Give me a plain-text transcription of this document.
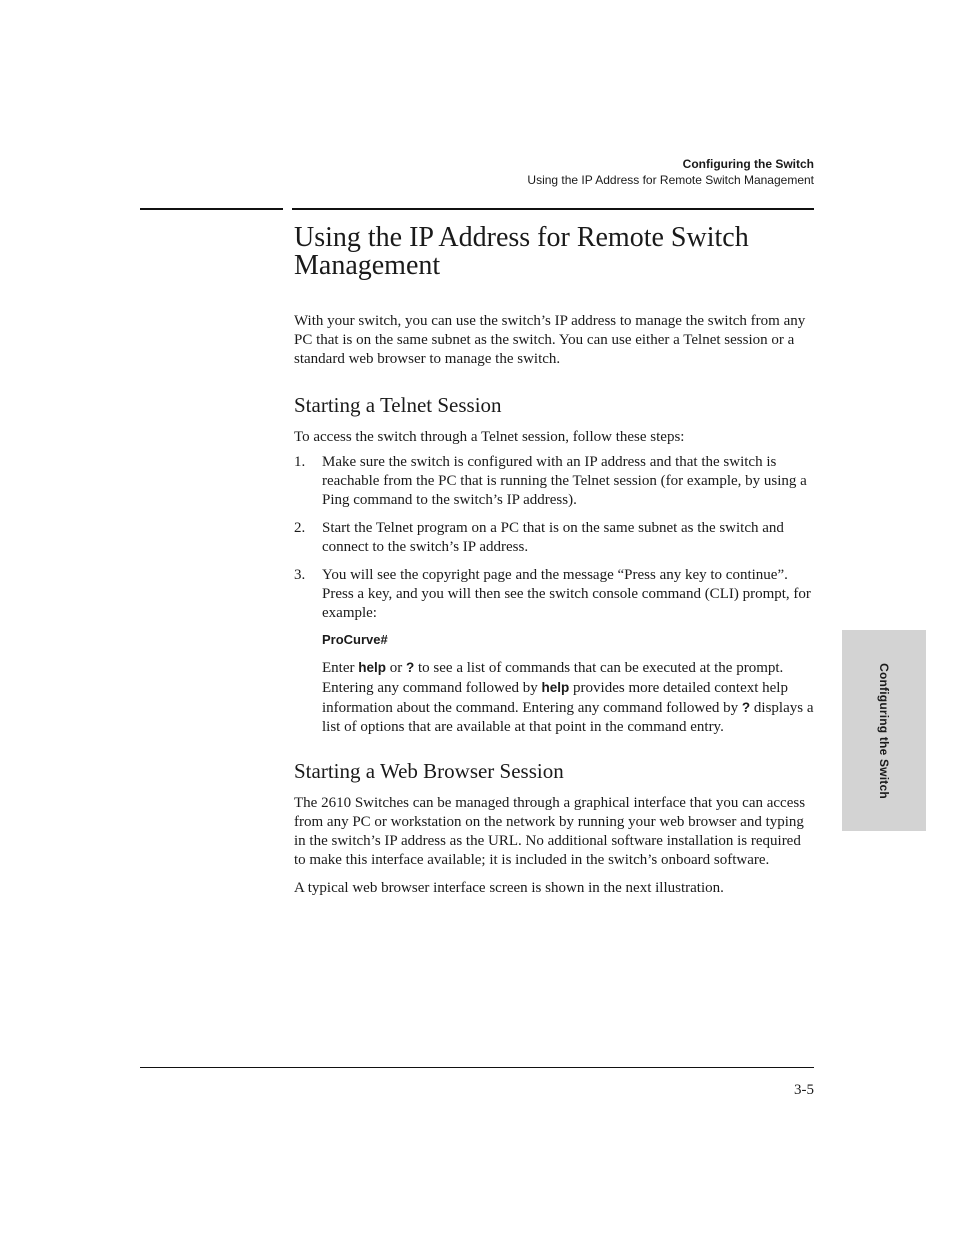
Configuring the Switch
Using the IP Address for Remote Switch Management
Using the IP Address for Remote Switch Management

With your switch, you can use the switch’s IP address to manage the switch from any PC that is on the same subnet as the switch. You can use either a Telnet session or a standard web browser to manage the switch.

Starting a Telnet Session

To access the switch through a Telnet session, follow these steps:

1. Make sure the switch is configured with an IP address and that the switch is reachable from the PC that is running the Telnet session (for example, by using a Ping command to the switch’s IP address).
2. Start the Telnet program on a PC that is on the same subnet as the switch and connect to the switch’s IP address.
3. You will see the copyright page and the message “Press any key to continue”. Press a key, and you will then see the switch console command (CLI) prompt, for example:
ProCurve#

Enter help or ? to see a list of commands that can be executed at the prompt. Entering any command followed by help provides more detailed context help information about the command. Entering any command followed by ? displays a list of options that are available at that point in the command entry.

Starting a Web Browser Session

The 2610 Switches can be managed through a graphical interface that you can access from any PC or workstation on the network by running your web browser and typing in the switch’s IP address as the URL. No additional software installation is required to make this interface available; it is included in the switch’s onboard software.

A typical web browser interface screen is shown in the next illustration.

3-5
Configuring the Switch
